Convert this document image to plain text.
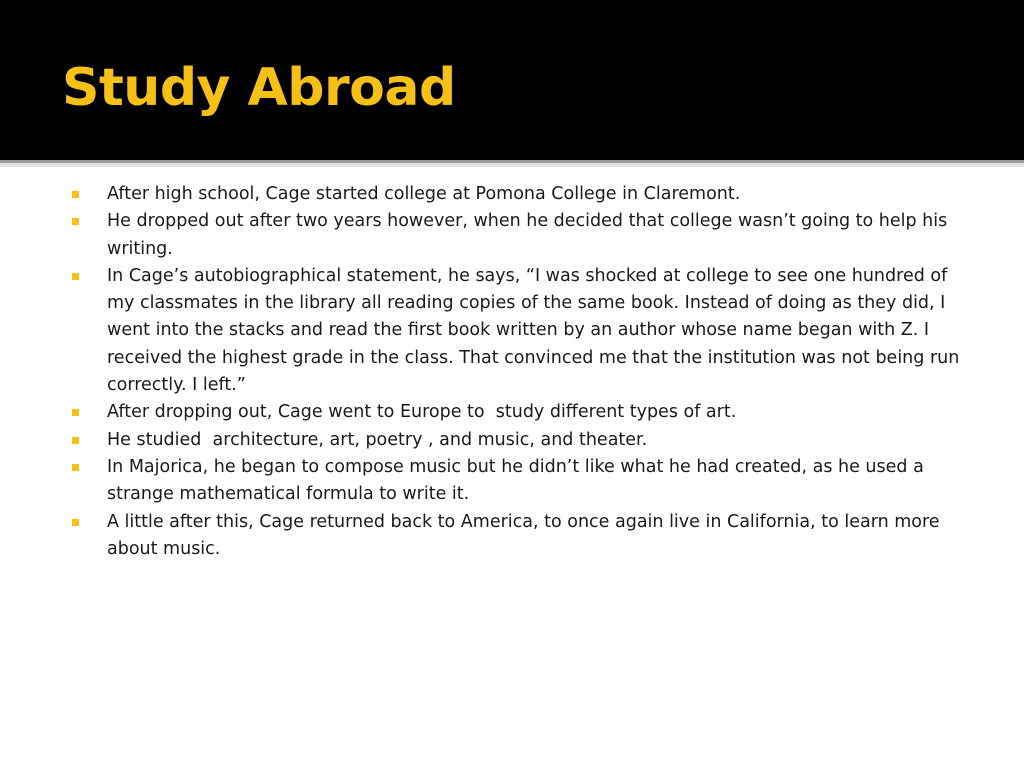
Study Abroad
After high school, Cage started college at Pomona College in Claremont.
He dropped out after two years however, when he decided that college wasn’t going to help his writing.
In Cage’s autobiographical statement, he says, “I was shocked at college to see one hundred of my classmates in the library all reading copies of the same book. Instead of doing as they did, I went into the stacks and read the first book written by an author whose name began with Z. I received the highest grade in the class. That convinced me that the institution was not being run correctly. I left.”
After dropping out, Cage went to Europe to  study different types of art.
He studied  architecture, art, poetry , and music, and theater.
In Majorica, he began to compose music but he didn’t like what he had created, as he used a strange mathematical formula to write it.
A little after this, Cage returned back to America, to once again live in California, to learn more about music.
